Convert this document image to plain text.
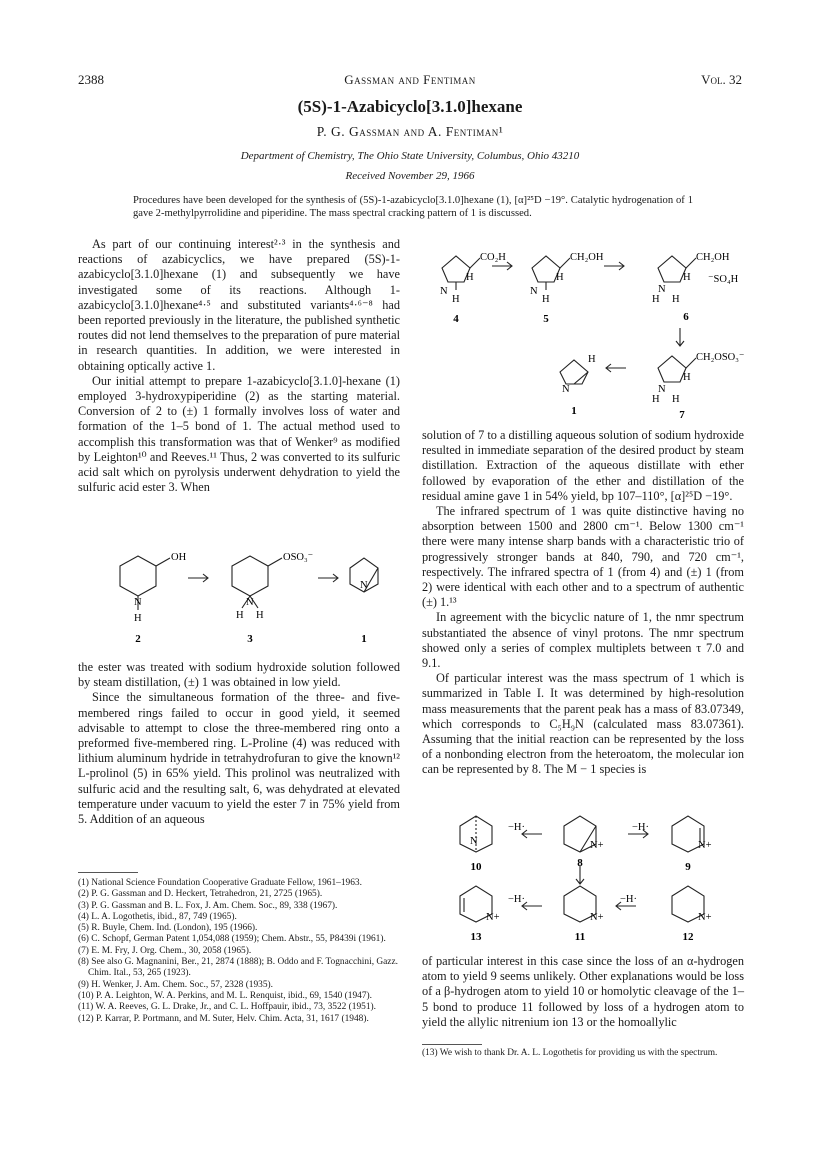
2388	Gassman and Fentiman	Vol. 32
(5S)-1-Azabicyclo[3.1.0]hexane
P. G. Gassman and A. Fentiman¹
Department of Chemistry, The Ohio State University, Columbus, Ohio 43210
Received November 29, 1966
Procedures have been developed for the synthesis of (5S)-1-azabicyclo[3.1.0]hexane (1), [α]²⁵D −19°. Catalytic hydrogenation of 1 gave 2-methylpyrrolidine and piperidine. The mass spectral cracking pattern of 1 is discussed.

As part of our continuing interest²·³ in the synthesis and reactions of azabicyclics, we have prepared (5S)-1-azabicyclo[3.1.0]hexane (1) and subsequently we have investigated some of its reactions. Although 1-azabicyclo[3.1.0]hexane⁴·⁵ and substituted variants⁴·⁶⁻⁸ had been reported previously in the literature, the published synthetic routes did not lend themselves to the preparation of pure material in research quantities. In addition, we were interested in obtaining optically active 1.

Our initial attempt to prepare 1-azabicyclo[3.1.0]-hexane (1) employed 3-hydroxypiperidine (2) as the starting material. Conversion of 2 to (±) 1 formally involves loss of water and formation of the 1–5 bond of 1. The actual method used to accomplish this transformation was that of Wenker⁹ as modified by Leighton¹⁰ and Reeves.¹¹ Thus, 2 was converted to its sulfuric acid salt which on pyrolysis underwent dehydration to yield the sulfuric acid ester 3. When

OH
N
H
OSO₃⁻
N
H H
N
2	3	1

the ester was treated with sodium hydroxide solution followed by steam distillation, (±) 1 was obtained in low yield.

Since the simultaneous formation of the three- and five-membered rings failed to occur in good yield, it seemed advisable to attempt to close the three-membered ring onto a preformed five-membered ring. L-Proline (4) was reduced with lithium aluminum hydride in tetrahydrofuran to give the known¹² L-prolinol (5) in 65% yield. This prolinol was neutralized with sulfuric acid and the resulting salt, 6, was dehydrated at elevated temperature under vacuum to yield the ester 7 in 75% yield from 5. Addition of an aqueous

(1) National Science Foundation Cooperative Graduate Fellow, 1961–1963.
(2) P. G. Gassman and D. Heckert, Tetrahedron, 21, 2725 (1965).
(3) P. G. Gassman and B. L. Fox, J. Am. Chem. Soc., 89, 338 (1967).
(4) L. A. Logothetis, ibid., 87, 749 (1965).
(5) R. Buyle, Chem. Ind. (London), 195 (1966).
(6) C. Schopf, German Patent 1,054,088 (1959); Chem. Abstr., 55, P8439i (1961).
(7) E. M. Fry, J. Org. Chem., 30, 2058 (1965).
(8) See also G. Magnanini, Ber., 21, 2874 (1888); B. Oddo and F. Tognacchini, Gazz. Chim. Ital., 53, 265 (1923).
(9) H. Wenker, J. Am. Chem. Soc., 57, 2328 (1935).
(10) P. A. Leighton, W. A. Perkins, and M. L. Renquist, ibid., 69, 1540 (1947).
(11) W. A. Reeves, G. L. Drake, Jr., and C. L. Hoffpauir, ibid., 73, 3522 (1951).
(12) P. Karrar, P. Portmann, and M. Suter, Helv. Chim. Acta, 31, 1617 (1948).
CO₂H
N
H
H
4
CH₂OH
N
H
H
5
CH₂OH
N
H ⁻SO₄H
H H
6
CH₂OSO₃⁻
N
H
H H
7
H
N
1

solution of 7 to a distilling aqueous solution of sodium hydroxide resulted in immediate separation of the desired product by steam distillation. Extraction of the aqueous distillate with ether followed by evaporation of the ether and distillation of the residual amine gave 1 in 54% yield, bp 107–110°, [α]²⁵D −19°.

The infrared spectrum of 1 was quite distinctive having no absorption between 1500 and 2800 cm⁻¹. Below 1300 cm⁻¹ there were many intense sharp bands with a characteristic trio of progressively stronger bands at 840, 790, and 720 cm⁻¹, respectively. The infrared spectra of 1 (from 4) and (±) 1 (from 2) were identical with each other and to a spectrum of authentic (±) 1.¹³

In agreement with the bicyclic nature of 1, the nmr spectrum substantiated the absence of vinyl protons. The nmr spectrum showed only a series of complex multiplets between τ 7.0 and 9.1.

Of particular interest was the mass spectrum of 1 which is summarized in Table I. It was determined by high-resolution mass measurements that the parent peak has a mass of 83.07349, which corresponds to C₅H₉N (calculated mass 83.07361). Assuming that the initial reaction can be represented by the loss of a nonbonding electron from the heteroatom, the molecular ion can be represented by 8. The M − 1 species is

−H·	−H·
−H·	−H·
N	N+	N+
N+	N+	N+
10	8	9
13	11	12

of particular interest in this case since the loss of an α-hydrogen atom to yield 9 seems unlikely. Other explanations would be loss of a β-hydrogen atom to yield 10 or homolytic cleavage of the 1–5 bond to produce 11 followed by loss of a hydrogen atom to yield the allylic nitrenium ion 13 or the homoallylic

(13) We wish to thank Dr. A. L. Logothetis for providing us with the spectrum.
